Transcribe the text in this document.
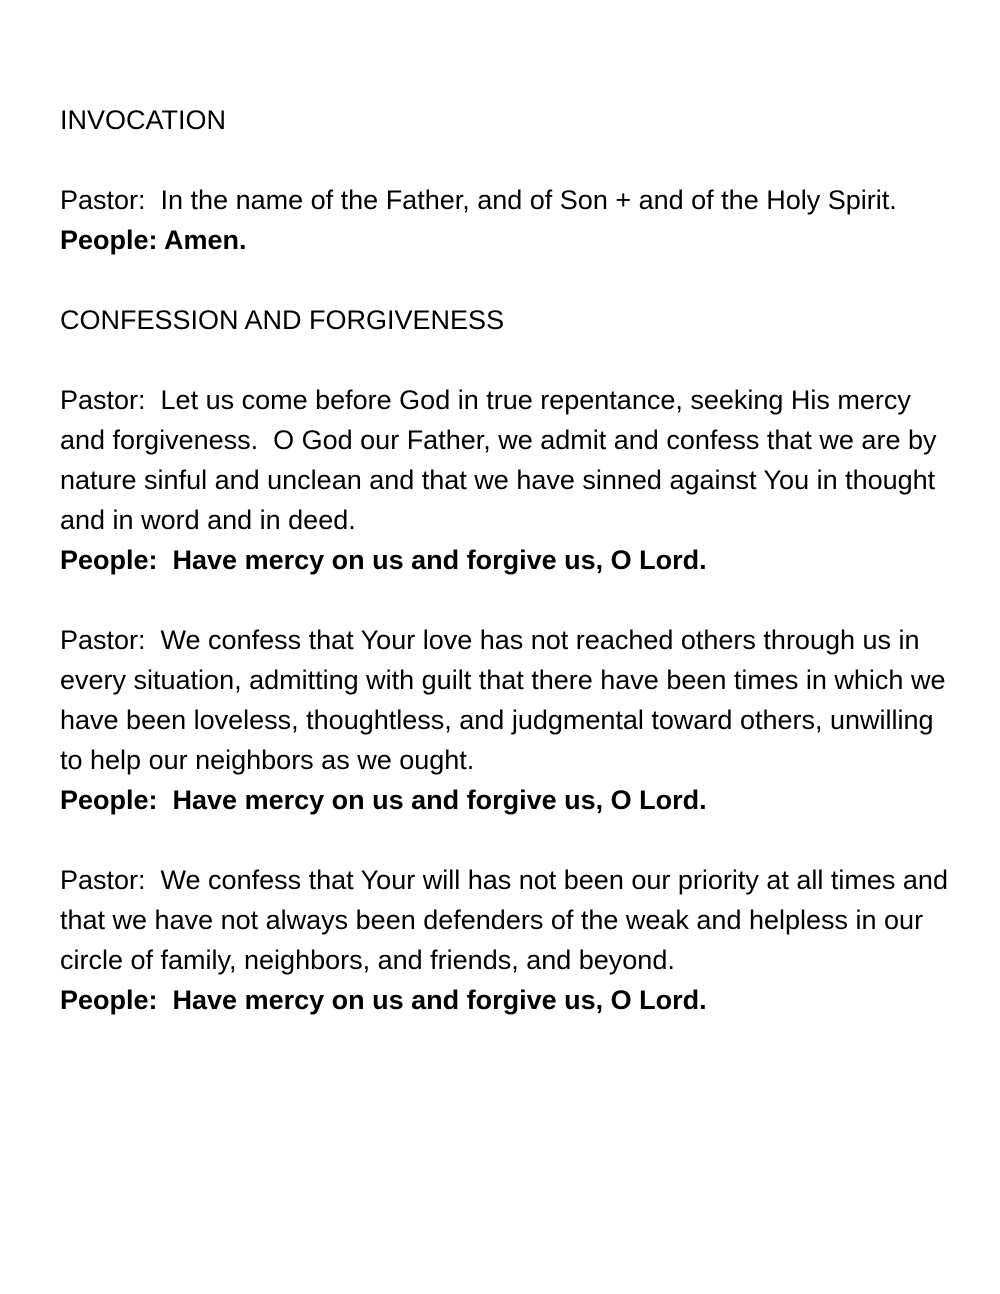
INVOCATION

Pastor:  In the name of the Father, and of Son + and of the Holy Spirit.

People: Amen.

CONFESSION AND FORGIVENESS

Pastor:  Let us come before God in true repentance, seeking His mercy and forgiveness.  O God our Father, we admit and confess that we are by nature sinful and unclean and that we have sinned against You in thought and in word and in deed.

People:  Have mercy on us and forgive us, O Lord.

Pastor:  We confess that Your love has not reached others through us in every situation, admitting with guilt that there have been times in which we have been loveless, thoughtless, and judgmental toward others, unwilling to help our neighbors as we ought.

People:  Have mercy on us and forgive us, O Lord.

Pastor:  We confess that Your will has not been our priority at all times and that we have not always been defenders of the weak and helpless in our circle of family, neighbors, and friends, and beyond.

People:  Have mercy on us and forgive us, O Lord.
